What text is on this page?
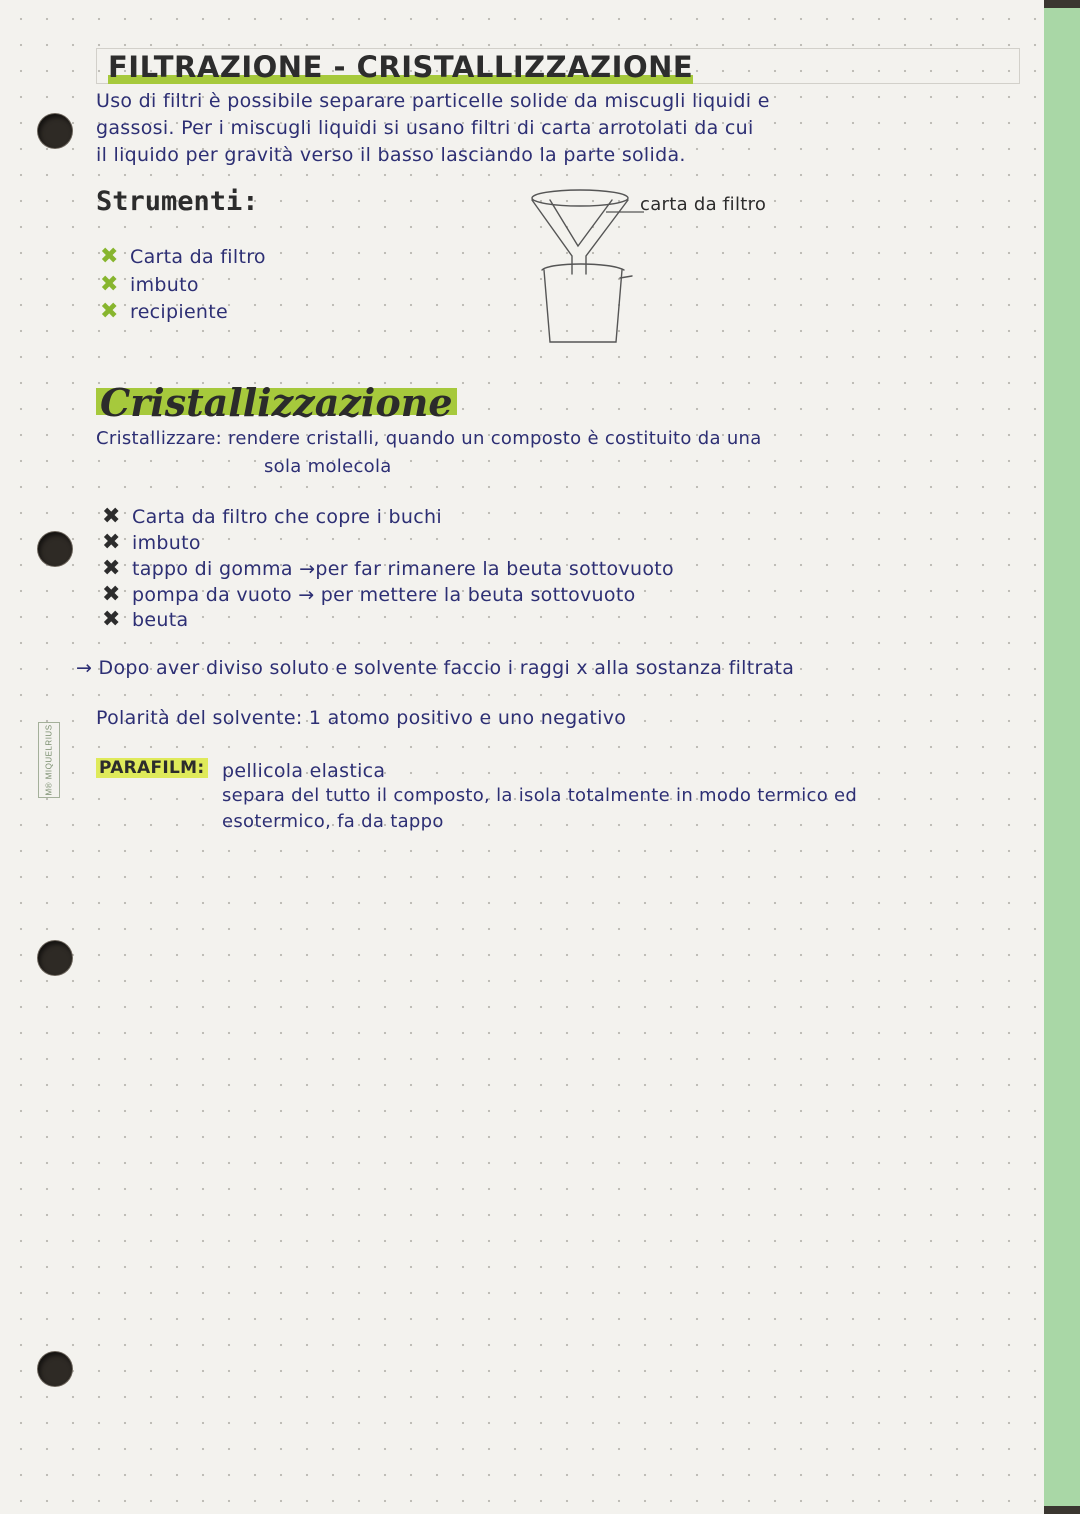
M® MIQUELRIUS
FILTRAZIONE - CRISTALLIZZAZIONE
Uso di filtri è possibile separare particelle solide da miscugli liquidi e
gassosi. Per i miscugli liquidi si usano filtri di carta arrotolati da cui
il liquido per gravità verso il basso lasciando la parte solida.
Strumenti:
✖ Carta da filtro
✖ imbuto
✖ recipiente
carta da filtro
Cristallizzazione
Cristallizzare: rendere cristalli, quando un composto è costituito da una
sola molecola
✖ Carta da filtro che copre i buchi
✖ imbuto
✖ tappo di gomma →per far rimanere la beuta sottovuoto
✖ pompa da vuoto → per mettere la beuta sottovuoto
✖ beuta
→ Dopo aver diviso soluto e solvente faccio i raggi x alla sostanza filtrata
Polarità del solvente: 1 atomo positivo e uno negativo
PARAFILM: pellicola elastica
separa del tutto il composto, la isola totalmente in modo termico ed
esotermico, fa da tappo
